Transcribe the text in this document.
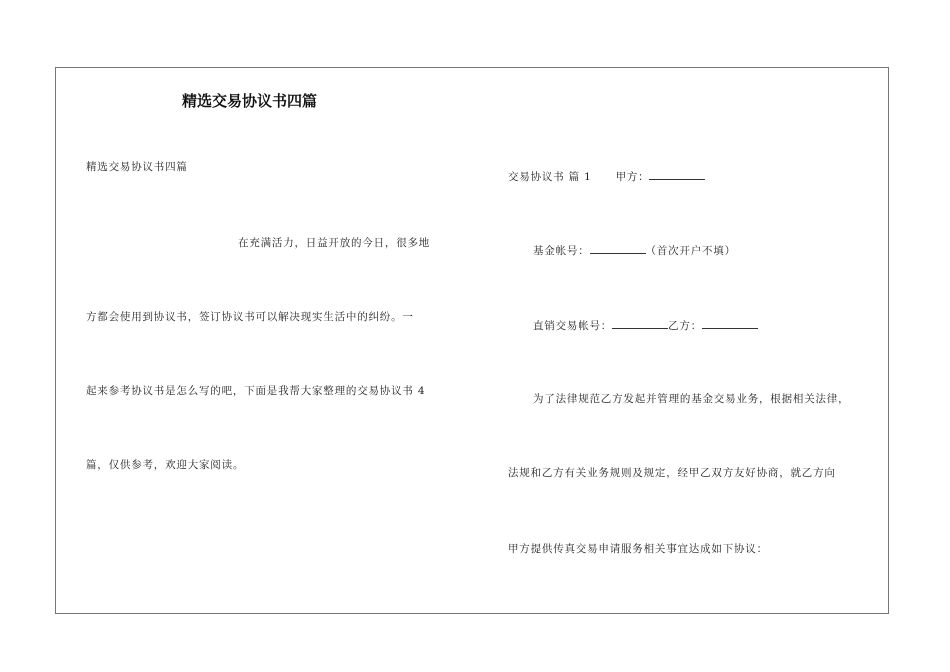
精选交易协议书四篇
精选交易协议书四篇
在充满活力，日益开放的今日，很多地
方都会使用到协议书，签订协议书可以解决现实生活中的纠纷。一
起来参考协议书是怎么写的吧，下面是我帮大家整理的交易协议书 4
篇，仅供参考，欢迎大家阅读。
交易协议书 篇 1 甲方：
基金帐号：	（首次开户不填）
直销交易帐号：	乙方：
为了法律规范乙方发起并管理的基金交易业务，根据相关法律，
法规和乙方有关业务规则及规定，经甲乙双方友好协商，就乙方向
甲方提供传真交易申请服务相关事宜达成如下协议：
